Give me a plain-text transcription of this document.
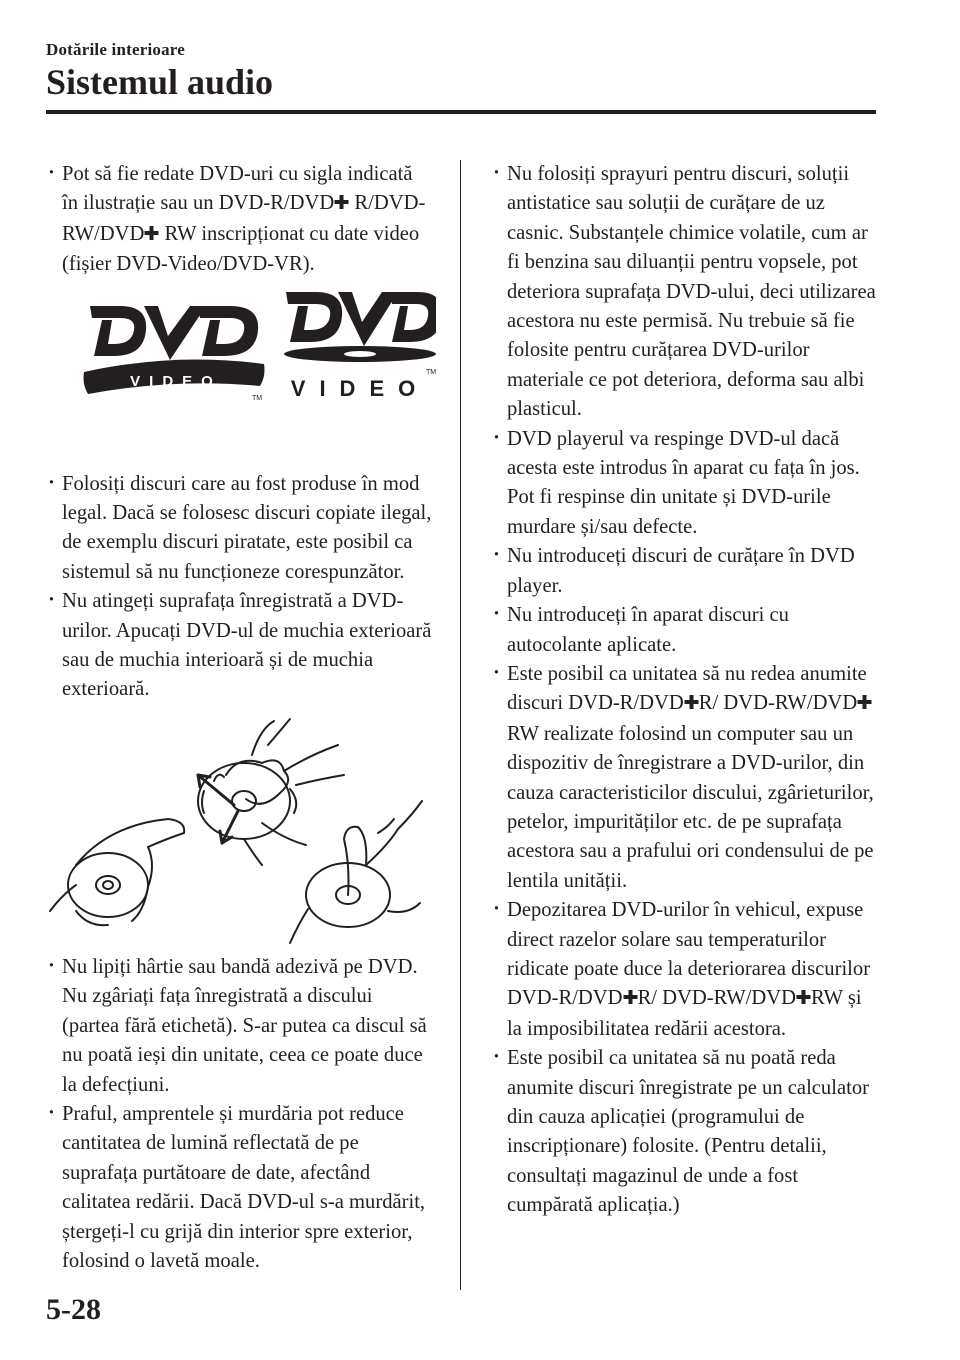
Dotările interioare

Sistemul audio
· Pot să fie redate DVD-uri cu sigla indicată în ilustrație sau un DVD-R/DVD R/DVD-RW/DVD RW inscripționat cu date video (fișier DVD-Video/DVD-VR).
VIDEO
TM VIDEO
TM
· Folosiți discuri care au fost produse în mod legal. Dacă se folosesc discuri copiate ilegal, de exemplu discuri piratate, este posibil ca sistemul să nu funcționeze corespunzător.
· Nu atingeți suprafața înregistrată a DVD-urilor. Apucați DVD-ul de muchia exterioară sau de muchia interioară și de muchia exterioară.
· Nu lipiți hârtie sau bandă adezivă pe DVD. Nu zgâriați fața înregistrată a discului (partea fără etichetă). S-ar putea ca discul să nu poată ieși din unitate, ceea ce poate duce la defecțiuni.
· Praful, amprentele și murdăria pot reduce cantitatea de lumină reflectată de pe suprafața purtătoare de date, afectând calitatea redării. Dacă DVD-ul s-a murdărit, ștergeți-l cu grijă din interior spre exterior, folosind o lavetă moale.
· Nu folosiți sprayuri pentru discuri, soluții antistatice sau soluții de curățare de uz casnic. Substanțele chimice volatile, cum ar fi benzina sau diluanții pentru vopsele, pot deteriora suprafața DVD-ului, deci utilizarea acestora nu este permisă. Nu trebuie să fie folosite pentru curățarea DVD-urilor materiale ce pot deteriora, deforma sau albi plasticul.
· DVD playerul va respinge DVD-ul dacă acesta este introdus în aparat cu fața în jos. Pot fi respinse din unitate și DVD-urile murdare și/sau defecte.
· Nu introduceți discuri de curățare în DVD player.
· Nu introduceți în aparat discuri cu autocolante aplicate.
· Este posibil ca unitatea să nu redea anumite discuri DVD-R/DVD R/ DVD-RW/DVDRW realizate folosind un computer sau un dispozitiv de înregistrare a DVD-urilor, din cauza caracteristicilor discului, zgârieturilor, petelor, impurităților etc. de pe suprafața acestora sau a prafului ori condensului de pe lentila unității.
· Depozitarea DVD-urilor în vehicul, expuse direct razelor solare sau temperaturilor ridicate poate duce la deteriorarea discurilor DVD-R/DVD R/ DVD-RW/DVD RW și la imposibilitatea redării acestora.
· Este posibil ca unitatea să nu poată reda anumite discuri înregistrate pe un calculator din cauza aplicației (programului de inscripționare) folosite. (Pentru detalii, consultați magazinul de unde a fost cumpărată aplicația.)
5-28
